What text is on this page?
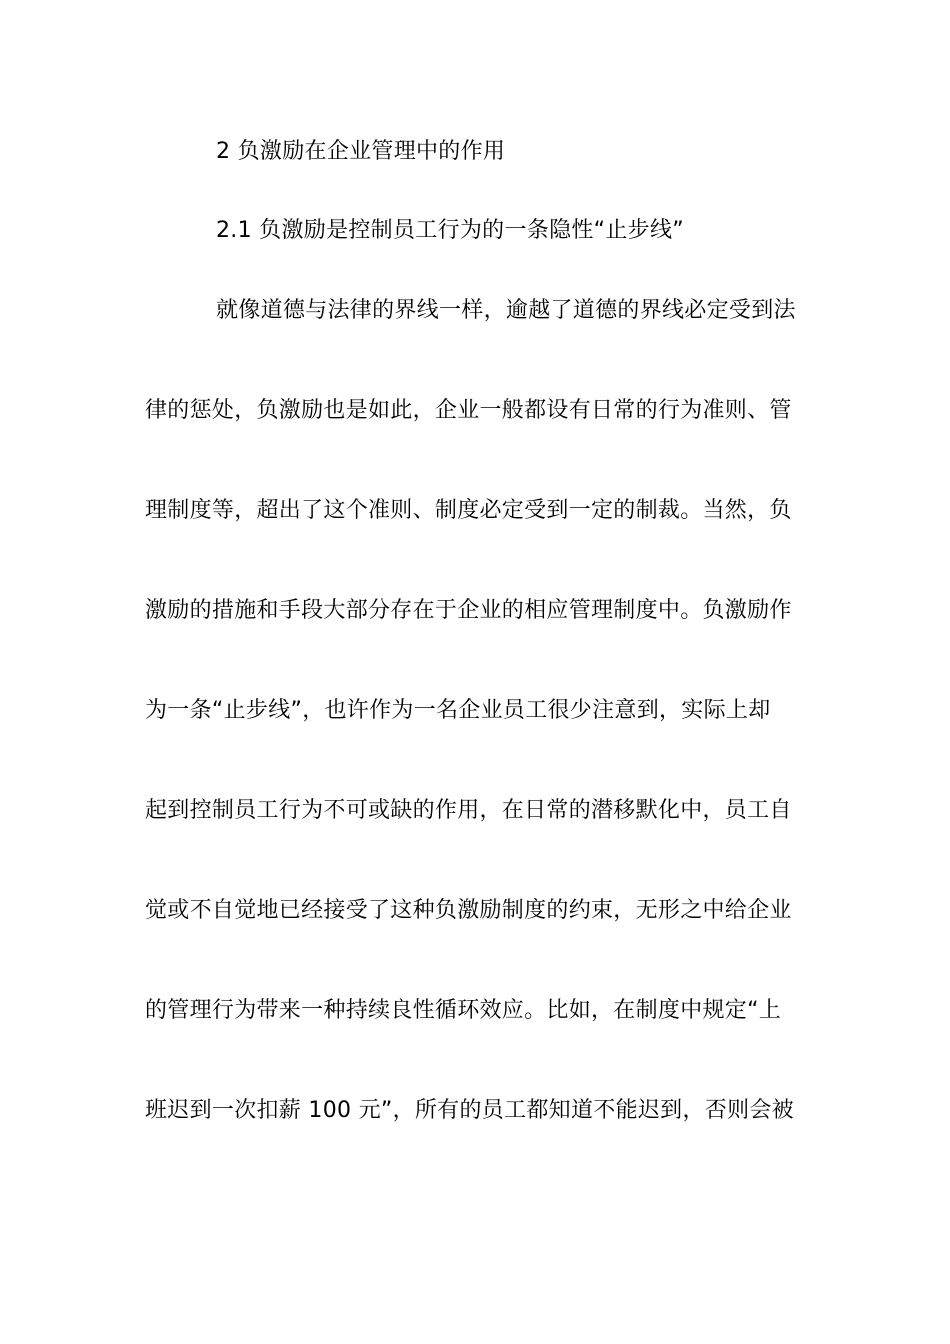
2 负激励在企业管理中的作用
2.1 负激励是控制员工行为的一条隐性“止步线”
就像道德与法律的界线一样，逾越了道德的界线必定受到法
律的惩处，负激励也是如此，企业一般都设有日常的行为准则、管
理制度等，超出了这个准则、制度必定受到一定的制裁。当然，负
激励的措施和手段大部分存在于企业的相应管理制度中。负激励作
为一条“止步线”，也许作为一名企业员工很少注意到，实际上却
起到控制员工行为不可或缺的作用，在日常的潜移默化中，员工自
觉或不自觉地已经接受了这种负激励制度的约束，无形之中给企业
的管理行为带来一种持续良性循环效应。比如，在制度中规定“上
班迟到一次扣薪 100 元”，所有的员工都知道不能迟到，否则会被
